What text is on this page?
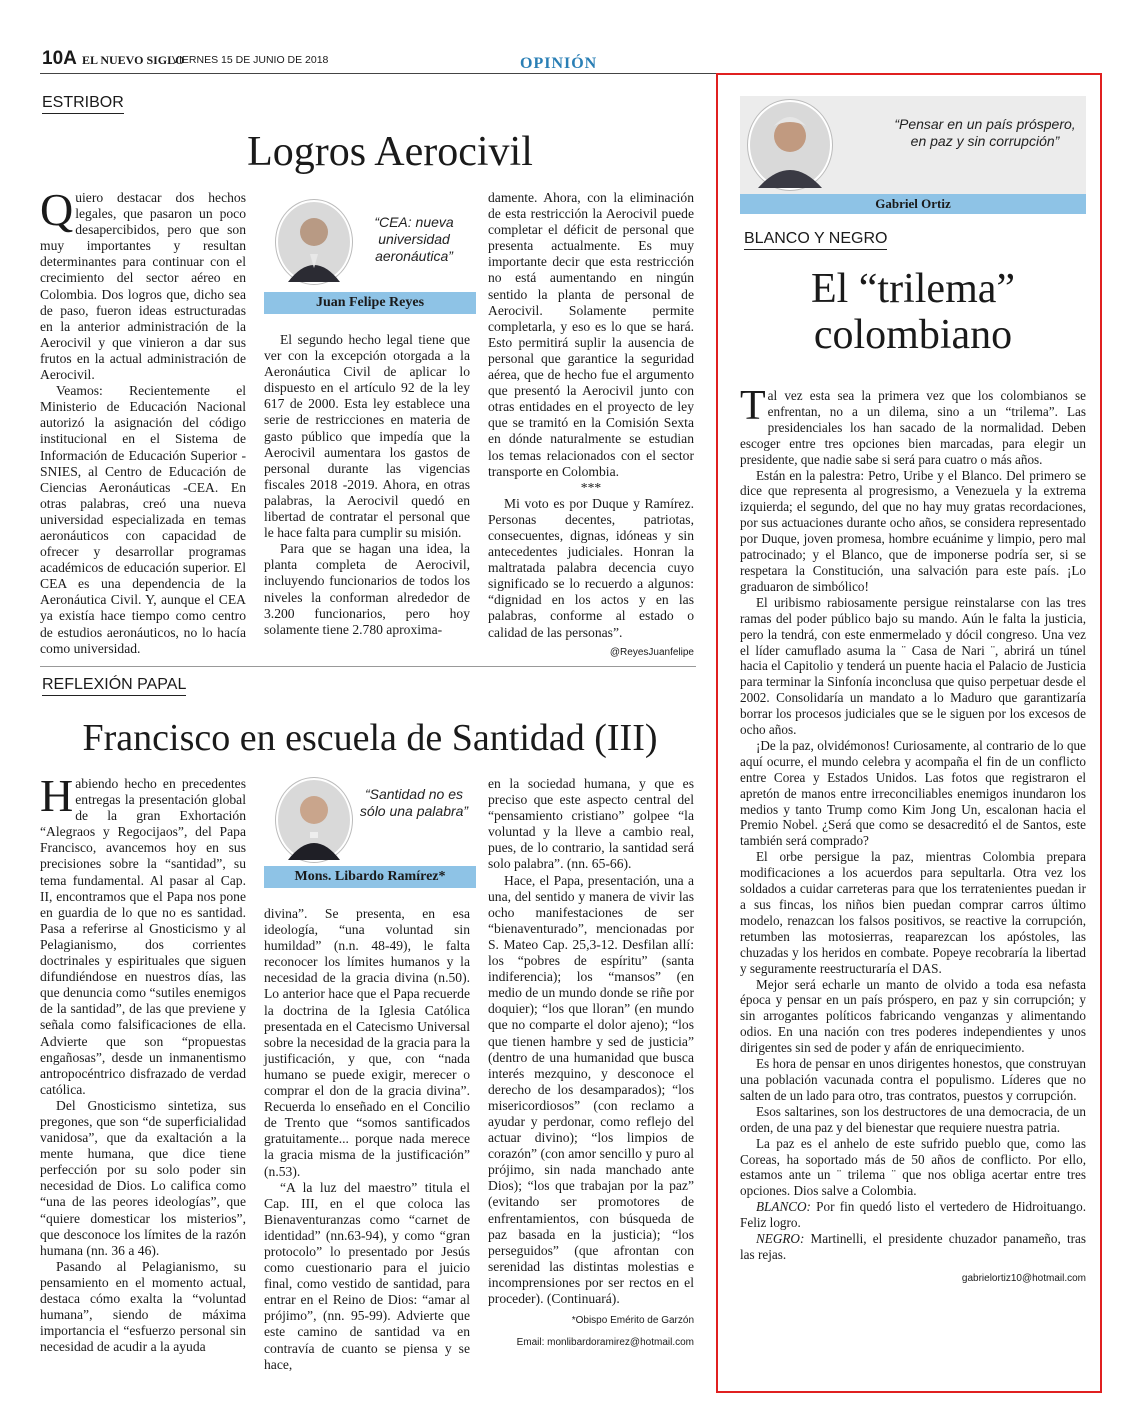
10A EL NUEVO SIGLO
VIERNES 15 DE JUNIO DE 2018	OPINIÓN
ESTRIBOR
Logros Aerocivil

Quiero destacar dos hechos legales, que pasaron un poco desapercibidos, pero que son muy importantes y resultan determinantes para continuar con el crecimiento del sector aéreo en Colombia. Dos logros que, dicho sea de paso, fueron ideas estructuradas en la anterior administración de la Aerocivil y que vinieron a dar sus frutos en la actual administración de Aerocivil.

Veamos: Recientemente el Ministerio de Educación Nacional autorizó la asignación del código institucional en el Sistema de Información de Educación Superior -SNIES, al Centro de Educación de Ciencias Aeronáuticas -CEA. En otras palabras, creó una nueva universidad especializada en temas aeronáuticos con capacidad de ofrecer y desarrollar programas académicos de educación superior. El CEA es una dependencia de la Aeronáutica Civil. Y, aunque el CEA ya existía hace tiempo como centro de estudios aeronáuticos, no lo hacía como universidad.

“CEA: nueva universidad aeronáutica”
Juan Felipe Reyes

El segundo hecho legal tiene que ver con la excepción otorgada a la Aeronáutica Civil de aplicar lo dispuesto en el artículo 92 de la ley 617 de 2000. Esta ley establece una serie de restricciones en materia de gasto público que impedía que la Aerocivil aumentara los gastos de personal durante las vigencias fiscales 2018 -2019. Ahora, en otras palabras, la Aerocivil quedó en libertad de contratar el personal que le hace falta para cumplir su misión.

Para que se hagan una idea, la planta completa de Aerocivil, incluyendo funcionarios de todos los niveles la conforman alrededor de 3.200 funcionarios, pero hoy solamente tiene 2.780 aproxima-

damente. Ahora, con la eliminación de esta restricción la Aerocivil puede completar el déficit de personal que presenta actualmente. Es muy importante decir que esta restricción no está aumentando en ningún sentido la planta de personal de Aerocivil. Solamente permite completarla, y eso es lo que se hará. Esto permitirá suplir la ausencia de personal que garantice la seguridad aérea, que de hecho fue el argumento que presentó la Aerocivil junto con otras entidades en el proyecto de ley que se tramitó en la Comisión Sexta en dónde naturalmente se estudian los temas relacionados con el sector transporte en Colombia.

***

Mi voto es por Duque y Ramírez. Personas decentes, patriotas, consecuentes, dignas, idóneas y sin antecedentes judiciales. Honran la maltratada palabra decencia cuyo significado se lo recuerdo a algunos: “dignidad en los actos y en las palabras, conforme al estado o calidad de las personas”.

@ReyesJuanfelipe

REFLEXIÓN PAPAL
Francisco en escuela de Santidad (III)

Habiendo hecho en precedentes entregas la presentación global de la gran Exhortación “Alegraos y Regocijaos”, del Papa Francisco, avancemos hoy en sus precisiones sobre la “santidad”, su tema fundamental. Al pasar al Cap. II, encontramos que el Papa nos pone en guardia de lo que no es santidad. Pasa a referirse al Gnosticismo y al Pelagianismo, dos corrientes doctrinales y espirituales que siguen difundiéndose en nuestros días, las que denuncia como “sutiles enemigos de la santidad”, de las que previene y señala como falsificaciones de ella. Advierte que son “propuestas engañosas”, desde un inmanentismo antropocéntrico disfrazado de verdad católica.

Del Gnosticismo sintetiza, sus pregones, que son “de superficialidad vanidosa”, que da exaltación a la mente humana, que dice tiene perfección por su solo poder sin necesidad de Dios. Lo califica como “una de las peores ideologías”, que “quiere domesticar los misterios”, que desconoce los límites de la razón humana (nn. 36 a 46).

Pasando al Pelagianismo, su pensamiento en el momento actual, destaca cómo exalta la “voluntad humana”, siendo de máxima importancia el “esfuerzo personal sin necesidad de acudir a la ayuda

“Santidad no es sólo una palabra”
Mons. Libardo Ramírez*

divina”. Se presenta, en esa ideología, “una voluntad sin humildad” (n.n. 48-49), le falta reconocer los límites humanos y la necesidad de la gracia divina (n.50). Lo anterior hace que el Papa recuerde la doctrina de la Iglesia Católica presentada en el Catecismo Universal sobre la necesidad de la gracia para la justificación, y que, con “nada humano se puede exigir, merecer o comprar el don de la gracia divina”. Recuerda lo enseñado en el Concilio de Trento que “somos santificados gratuitamente... porque nada merece la gracia misma de la justificación” (n.53).

“A la luz del maestro” titula el Cap. III, en el que coloca las Bienaventuranzas como “carnet de identidad” (nn.63-94), y como “gran protocolo” lo presentado por Jesús como cuestionario para el juicio final, como vestido de santidad, para entrar en el Reino de Dios: “amar al prójimo”, (nn. 95-99). Advierte que este camino de santidad va en contravía de cuanto se piensa y se hace,

en la sociedad humana, y que es preciso que este aspecto central del “pensamiento cristiano” golpee “la voluntad y la lleve a cambio real, pues, de lo contrario, la santidad será solo palabra”. (nn. 65-66).

Hace, el Papa, presentación, una a una, del sentido y manera de vivir las ocho manifestaciones de ser “bienaventurado”, mencionadas por S. Mateo Cap. 25,3-12. Desfilan allí: los “pobres de espíritu” (santa indiferencia); los “mansos” (en medio de un mundo donde se riñe por doquier); “los que lloran” (en mundo que no comparte el dolor ajeno); “los que tienen hambre y sed de justicia” (dentro de una humanidad que busca interés mezquino, y desconoce el derecho de los desamparados); “los misericordiosos” (con reclamo a ayudar y perdonar, como reflejo del actuar divino); “los limpios de corazón” (con amor sencillo y puro al prójimo, sin nada manchado ante Dios); “los que trabajan por la paz” (evitando ser promotores de enfrentamientos, con búsqueda de paz basada en la justicia); “los perseguidos” (que afrontan con serenidad las distintas molestias e incomprensiones por ser rectos en el proceder). (Continuará).

*Obispo Emérito de Garzón

Email: monlibardoramirez@hotmail.com

“Pensar en un país próspero, en paz y sin corrupción”
Gabriel Ortiz
BLANCO Y NEGRO
El “trilema”
colombiano

Tal vez esta sea la primera vez que los colombianos se enfrentan, no a un dilema, sino a un “trilema”. Las presidenciales los han sacado de la normalidad. Deben escoger entre tres opciones bien marcadas, para elegir un presidente, que nadie sabe si será para cuatro o más años.

Están en la palestra: Petro, Uribe y el Blanco. Del primero se dice que representa al progresismo, a Venezuela y la extrema izquierda; el segundo, del que no hay muy gratas recordaciones, por sus actuaciones durante ocho años, se considera representado por Duque, joven promesa, hombre ecuánime y limpio, pero mal patrocinado; y el Blanco, que de imponerse podría ser, si se respetara la Constitución, una salvación para este país. ¡Lo graduaron de simbólico!

El uribismo rabiosamente persigue reinstalarse con las tres ramas del poder público bajo su mando. Aún le falta la justicia, pero la tendrá, con este enmermelado y dócil congreso. Una vez el líder camuflado asuma la ¨ Casa de Nari ¨, abrirá un túnel hacia el Capitolio y tenderá un puente hacia el Palacio de Justicia para terminar la Sinfonía inconclusa que quiso perpetuar desde el 2002. Consolidaría un mandato a lo Maduro que garantizaría borrar los procesos judiciales que se le siguen por los excesos de ocho años.

¡De la paz, olvidémonos! Curiosamente, al contrario de lo que aquí ocurre, el mundo celebra y acompaña el fin de un conflicto entre Corea y Estados Unidos. Las fotos que registraron el apretón de manos entre irreconciliables enemigos inundaron los medios y tanto Trump como Kim Jong Un, escalonan hacia el Premio Nobel. ¿Será que como se desacreditó el de Santos, este también será comprado?

El orbe persigue la paz, mientras Colombia prepara modificaciones a los acuerdos para sepultarla. Otra vez los soldados a cuidar carreteras para que los terratenientes puedan ir a sus fincas, los niños bien puedan comprar carros último modelo, renazcan los falsos positivos, se reactive la corrupción, retumben las motosierras, reaparezcan los apóstoles, las chuzadas y los heridos en combate. Popeye recobraría la libertad y seguramente reestructuraría el DAS.

Mejor será echarle un manto de olvido a toda esa nefasta época y pensar en un país próspero, en paz y sin corrupción; y sin arrogantes políticos fabricando venganzas y alimentando odios. En una nación con tres poderes independientes y unos dirigentes sin sed de poder y afán de enriquecimiento.

Es hora de pensar en unos dirigentes honestos, que construyan una población vacunada contra el populismo. Líderes que no salten de un lado para otro, tras contratos, puestos y corrupción.

Esos saltarines, son los destructores de una democracia, de un orden, de una paz y del bienestar que requiere nuestra patria.

La paz es el anhelo de este sufrido pueblo que, como las Coreas, ha soportado más de 50 años de conflicto. Por ello, estamos ante un ¨ trilema ¨ que nos obliga acertar entre tres opciones. Dios salve a Colombia.

BLANCO: Por fin quedó listo el vertedero de Hidroituango. Feliz logro.

NEGRO: Martinelli, el presidente chuzador panameño, tras las rejas.

gabrielortiz10@hotmail.com
